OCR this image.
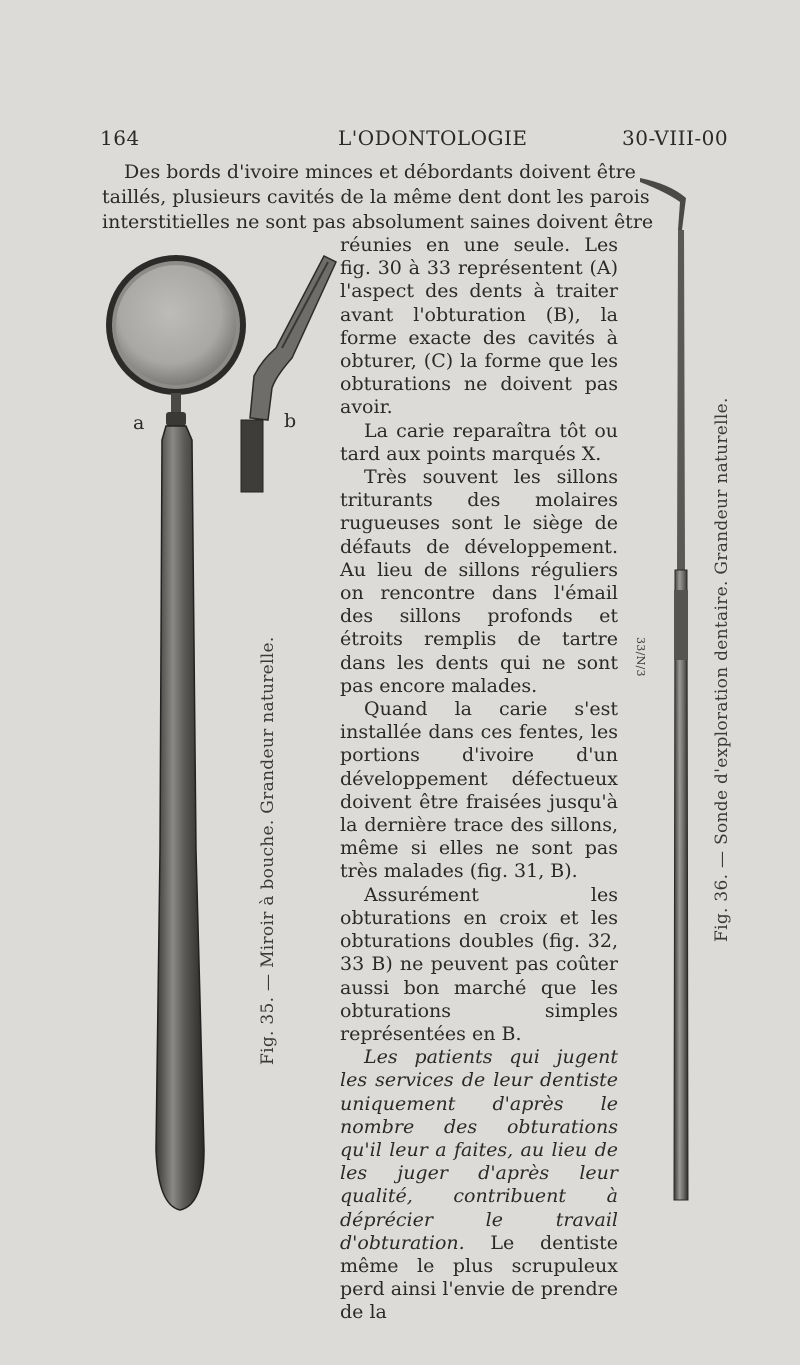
164	L'ODONTOLOGIE	30-VIII-00
Des bords d'ivoire minces et débordants doivent être
taillés, plusieurs cavités de la même dent dont les parois
interstitielles ne sont pas absolument saines doivent être

réunies en une seule. Les fig. 30 à 33 représentent (A) l'aspect des dents à traiter avant l'obturation (B), la forme exacte des cavités à obturer, (C) la forme que les obturations ne doivent pas avoir.

La carie reparaîtra tôt ou tard aux points marqués X.

Très souvent les sillons triturants des molaires rugueuses sont le siège de défauts de développement. Au lieu de sillons réguliers on rencontre dans l'émail des sillons profonds et étroits remplis de tartre dans les dents qui ne sont pas encore malades.

Quand la carie s'est installée dans ces fentes, les portions d'ivoire d'un développement défectueux doivent être fraisées jusqu'à la dernière trace des sillons, même si elles ne sont pas très malades (fig. 31, B).

Assurément les obturations en croix et les obturations doubles (fig. 32, 33 B) ne peuvent pas coûter aussi bon marché que les obturations simples représentées en B.

Les patients qui jugent les services de leur dentiste uniquement d'après le nombre des obturations qu'il leur a faites, au lieu de les juger d'après leur qualité, contribuent à déprécier le travail d'obturation. Le dentiste même le plus scrupuleux perd ainsi l'envie de prendre de la

a	b
Fig. 35. — Miroir à bouche. Grandeur naturelle.	33/N/3	Fig. 36. — Sonde d'exploration dentaire. Grandeur naturelle.
